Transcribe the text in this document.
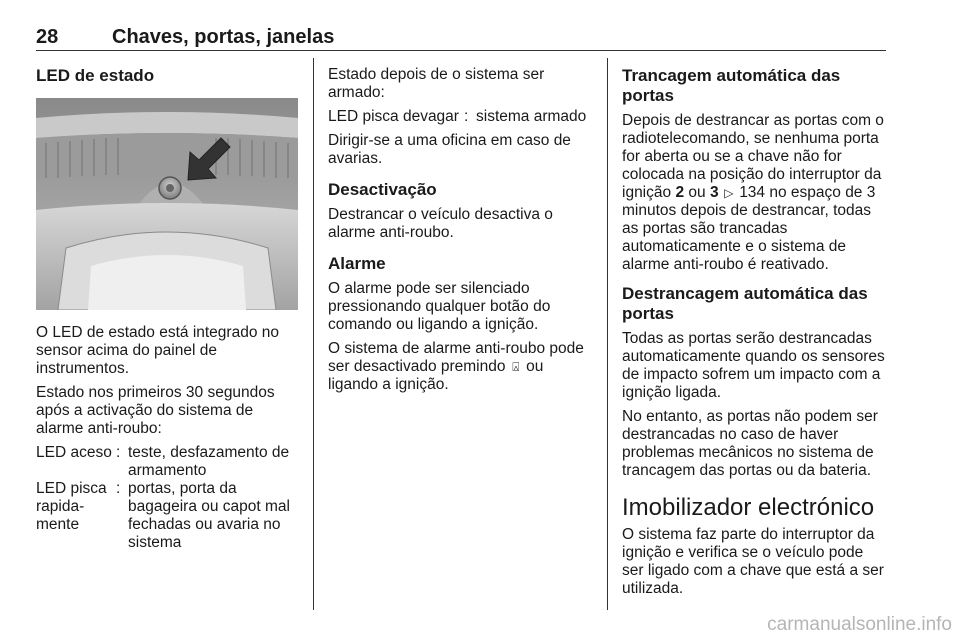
28	Chaves, portas, janelas
LED de estado

O LED de estado está integrado no sensor acima do painel de instrumentos.

Estado nos primeiros 30 segundos após a activação do sistema de alarme anti-roubo:

LED aceso : teste, desfazamento de armamento
LED pisca rapida-mente
: portas, porta da bagageira ou capot mal fechadas ou avaria no sistema

Estado depois de o sistema ser armado:

LED pisca devagar : sistema armado

Dirigir-se a uma oficina em caso de avarias.

Desactivação

Destrancar o veículo desactiva o alarme anti-roubo.

Alarme

O alarme pode ser silenciado pressionando qualquer botão do comando ou ligando a ignição.

O sistema de alarme anti-roubo pode ser desactivado premindo ⍓ ou ligando a ignição.

Trancagem automática das portas

Depois de destrancar as portas com o radiotelecomando, se nenhuma porta for aberta ou se a chave não for colocada na posição do interruptor da ignição 2 ou 3 ▷ 134 no espaço de 3 minutos depois de destrancar, todas as portas são trancadas automaticamente e o sistema de alarme anti-roubo é reativado.

Destrancagem automática das portas

Todas as portas serão destrancadas automaticamente quando os sensores de impacto sofrem um impacto com a ignição ligada.

No entanto, as portas não podem ser destrancadas no caso de haver problemas mecânicos no sistema de trancagem das portas ou da bateria.

Imobilizador electrónico

O sistema faz parte do interruptor da ignição e verifica se o veículo pode ser ligado com a chave que está a ser utilizada.

carmanualsonline.info
